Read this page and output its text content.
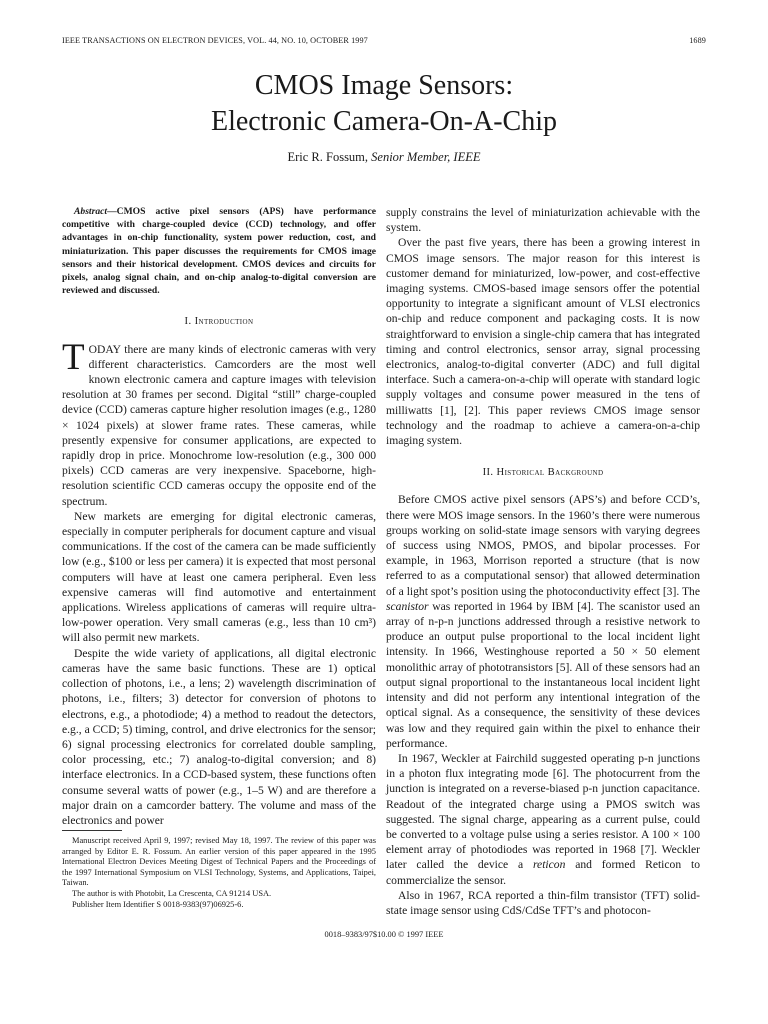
IEEE TRANSACTIONS ON ELECTRON DEVICES, VOL. 44, NO. 10, OCTOBER 1997	1689
CMOS Image Sensors:
Electronic Camera-On-A-Chip
Eric R. Fossum, Senior Member, IEEE

Abstract—CMOS active pixel sensors (APS) have performance competitive with charge-coupled device (CCD) technology, and offer advantages in on-chip functionality, system power reduction, cost, and miniaturization. This paper discusses the requirements for CMOS image sensors and their historical development. CMOS devices and circuits for pixels, analog signal chain, and on-chip analog-to-digital conversion are reviewed and discussed.

I. Introduction

TODAY there are many kinds of electronic cameras with very different characteristics. Camcorders are the most well known electronic camera and capture images with television resolution at 30 frames per second. Digital “still” charge-coupled device (CCD) cameras capture higher resolution images (e.g., 1280 × 1024 pixels) at slower frame rates. These cameras, while presently expensive for consumer applications, are expected to rapidly drop in price. Monochrome low-resolution (e.g., 300 000 pixels) CCD cameras are very inexpensive. Spaceborne, high-resolution scientific CCD cameras occupy the opposite end of the spectrum.

New markets are emerging for digital electronic cameras, especially in computer peripherals for document capture and visual communications. If the cost of the camera can be made sufficiently low (e.g., $100 or less per camera) it is expected that most personal computers will have at least one camera peripheral. Even less expensive cameras will find automotive and entertainment applications. Wireless applications of cameras will require ultra-low-power operation. Very small cameras (e.g., less than 10 cm³) will also permit new markets.

Despite the wide variety of applications, all digital electronic cameras have the same basic functions. These are 1) optical collection of photons, i.e., a lens; 2) wavelength discrimination of photons, i.e., filters; 3) detector for conversion of photons to electrons, e.g., a photodiode; 4) a method to readout the detectors, e.g., a CCD; 5) timing, control, and drive electronics for the sensor; 6) signal processing electronics for correlated double sampling, color processing, etc.; 7) analog-to-digital conversion; and 8) interface electronics. In a CCD-based system, these functions often consume several watts of power (e.g., 1–5 W) and are therefore a major drain on a camcorder battery. The volume and mass of the electronics and power

supply constrains the level of miniaturization achievable with the system.

Over the past five years, there has been a growing interest in CMOS image sensors. The major reason for this interest is customer demand for miniaturized, low-power, and cost-effective imaging systems. CMOS-based image sensors offer the potential opportunity to integrate a significant amount of VLSI electronics on-chip and reduce component and packaging costs. It is now straightforward to envision a single-chip camera that has integrated timing and control electronics, sensor array, signal processing electronics, analog-to-digital converter (ADC) and full digital interface. Such a camera-on-a-chip will operate with standard logic supply voltages and consume power measured in the tens of milliwatts [1], [2]. This paper reviews CMOS image sensor technology and the roadmap to achieve a camera-on-a-chip imaging system.

II. Historical Background

Before CMOS active pixel sensors (APS’s) and before CCD’s, there were MOS image sensors. In the 1960’s there were numerous groups working on solid-state image sensors with varying degrees of success using NMOS, PMOS, and bipolar processes. For example, in 1963, Morrison reported a structure (that is now referred to as a computational sensor) that allowed determination of a light spot’s position using the photoconductivity effect [3]. The scanistor was reported in 1964 by IBM [4]. The scanistor used an array of n-p-n junctions addressed through a resistive network to produce an output pulse proportional to the local incident light intensity. In 1966, Westinghouse reported a 50 × 50 element monolithic array of phototransistors [5]. All of these sensors had an output signal proportional to the instantaneous local incident light intensity and did not perform any intentional integration of the optical signal. As a consequence, the sensitivity of these devices was low and they required gain within the pixel to enhance their performance.

In 1967, Weckler at Fairchild suggested operating p-n junctions in a photon flux integrating mode [6]. The photocurrent from the junction is integrated on a reverse-biased p-n junction capacitance. Readout of the integrated charge using a PMOS switch was suggested. The signal charge, appearing as a current pulse, could be converted to a voltage pulse using a series resistor. A 100 × 100 element array of photodiodes was reported in 1968 [7]. Weckler later called the device a reticon and formed Reticon to commercialize the sensor.

Also in 1967, RCA reported a thin-film transistor (TFT) solid-state image sensor using CdS/CdSe TFT’s and photocon-

Manuscript received April 9, 1997; revised May 18, 1997. The review of this paper was arranged by Editor E. R. Fossum. An earlier version of this paper appeared in the 1995 International Electron Devices Meeting Digest of Technical Papers and the Proceedings of the 1997 International Symposium on VLSI Technology, Systems, and Applications, Taipei, Taiwan.

The author is with Photobit, La Crescenta, CA 91214 USA.

Publisher Item Identifier S 0018-9383(97)06925-6.

0018–9383/97$10.00 © 1997 IEEE
